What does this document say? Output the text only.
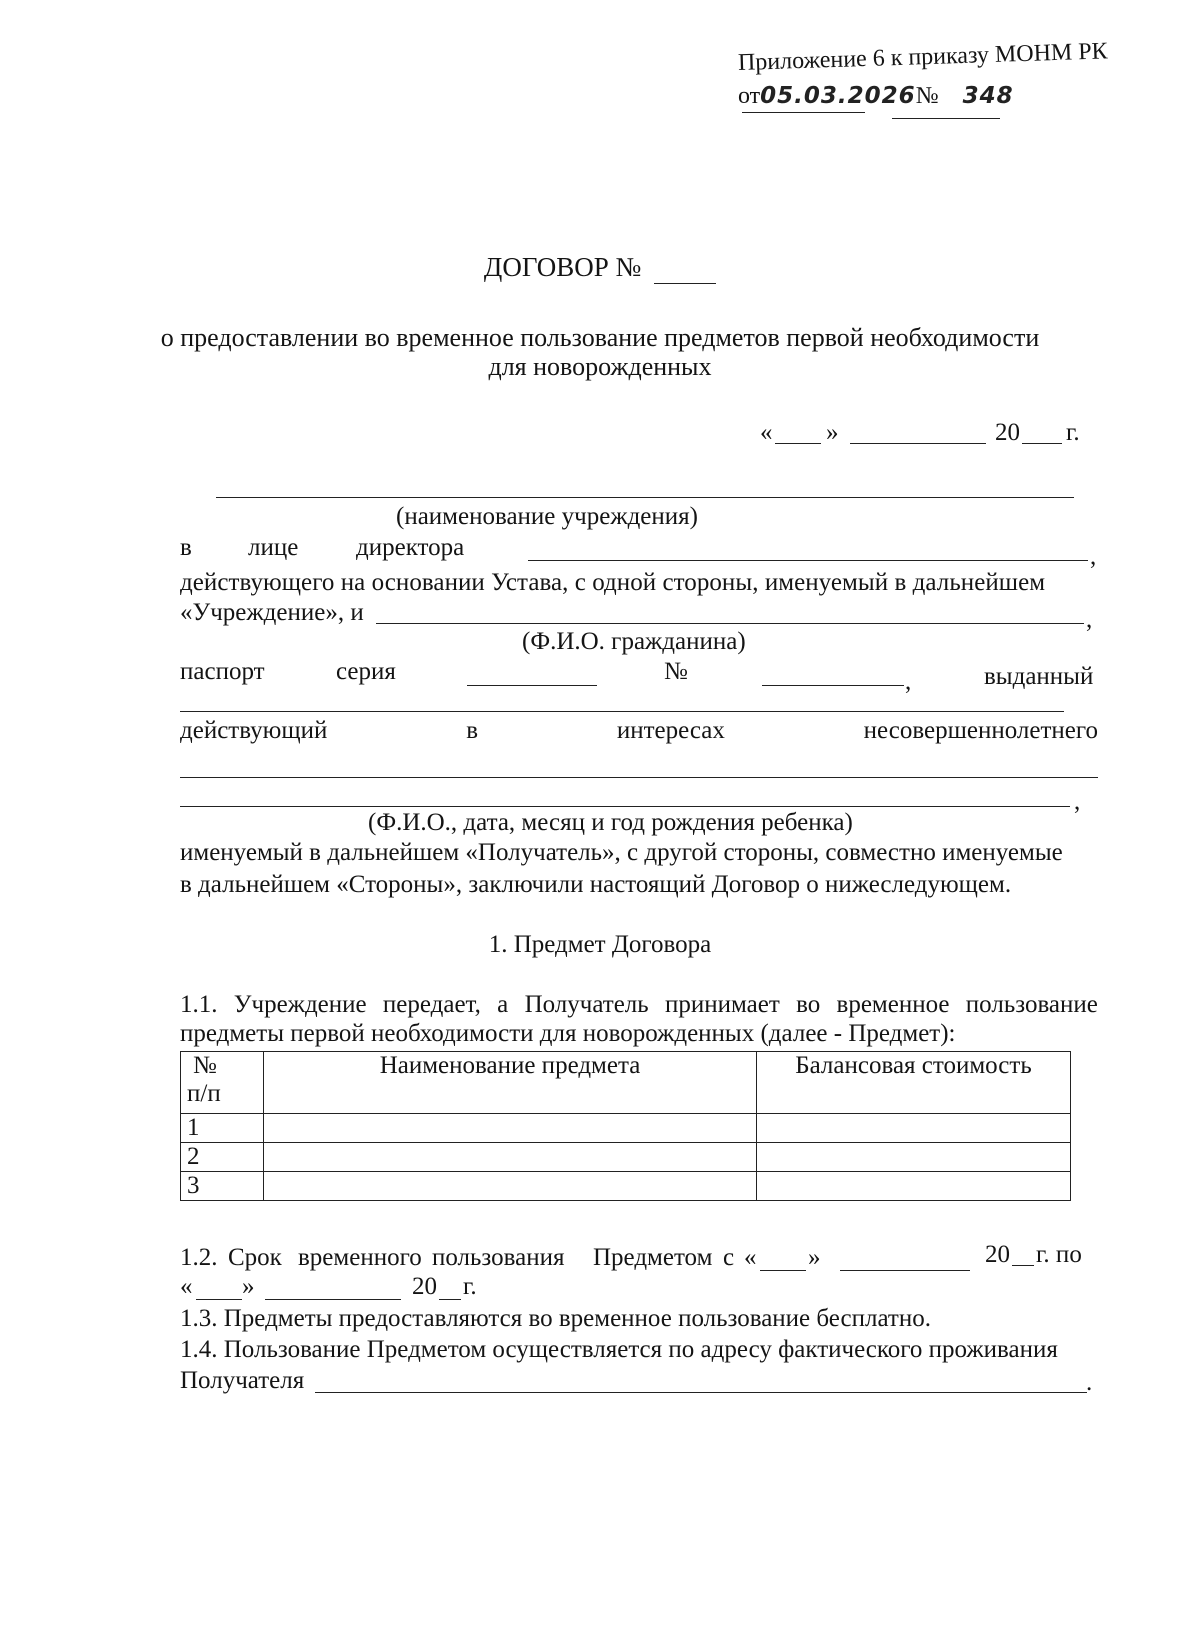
Приложение 6 к приказу МОНМ РК
от05.03.2026№ 348
ДОГОВОР №
о предоставлении во временное пользование предметов первой необходимости
для новорожденных
« »	20 г.
(наименование учреждения)
в лице директора	,
действующего на основании Устава, с одной стороны, именуемый в дальнейшем
«Учреждение», и	,
(Ф.И.О. гражданина)
паспорт	серия	№	,	выданный
действующий	в	интересах	несовершеннолетнего
,
(Ф.И.О., дата, месяц и год рождения ребенка)
именуемый в дальнейшем «Получатель», с другой стороны, совместно именуемые
в дальнейшем «Стороны», заключили настоящий Договор о нижеследующем.
1. Предмет Договора
1.1. Учреждение передает, а Получатель принимает во временное пользование
предметы первой необходимости для новорожденных (далее - Предмет):
№
п/п	Наименование предмета	Балансовая стоимость
1		
2		
3		
1.2. Срок временного пользования Предметом с « »	20 г. по
« »	20 г.
1.3. Предметы предоставляются во временное пользование бесплатно.
1.4. Пользование Предметом осуществляется по адресу фактического проживания
Получателя	.
